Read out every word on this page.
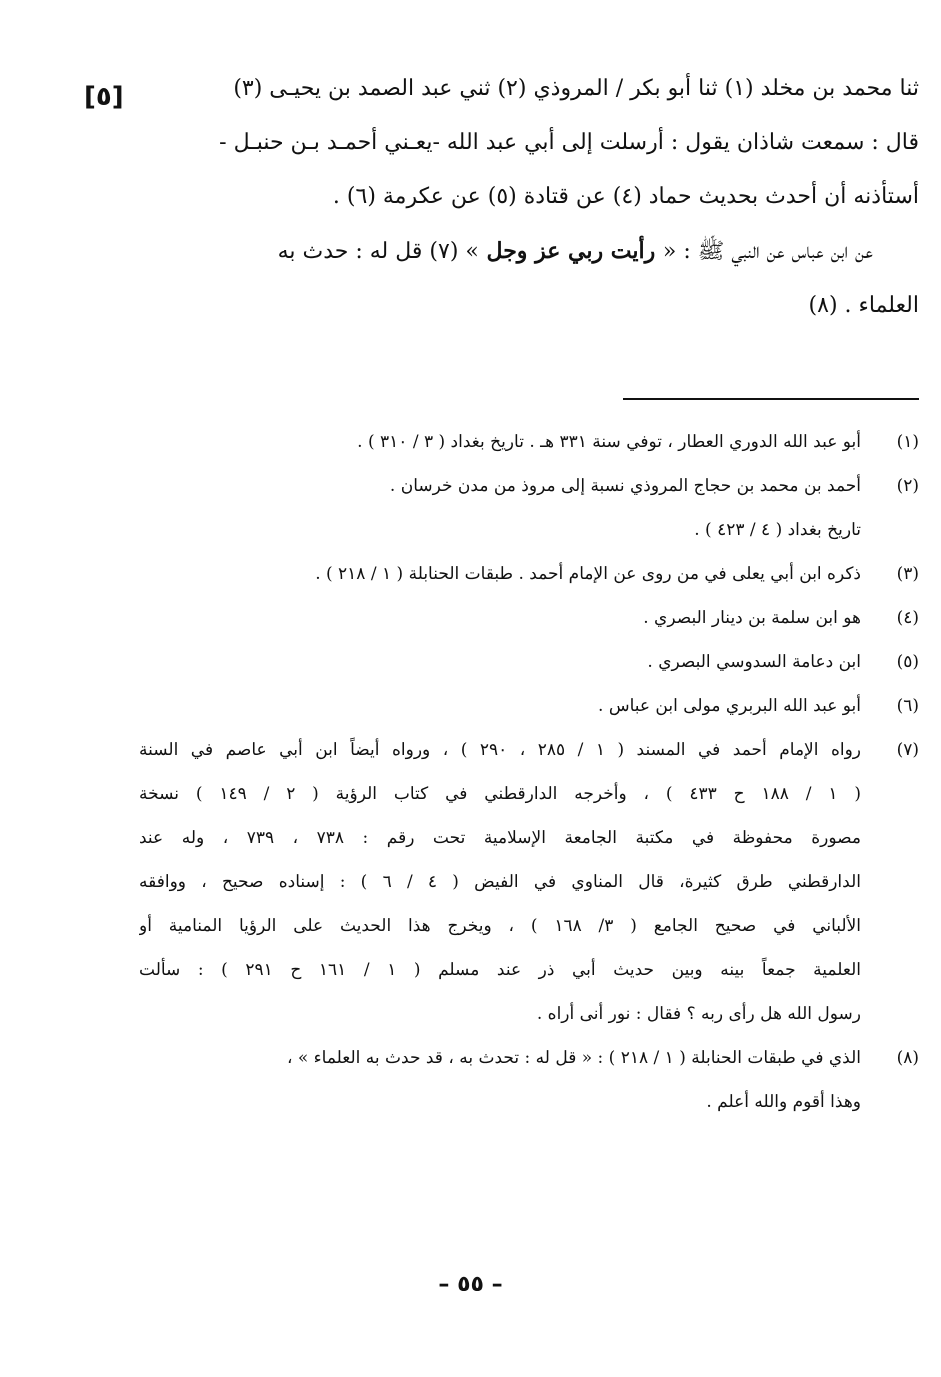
[٥]	ثنا محمد بن مخلد (١) ثنا أبو بكر / المروذي (٢) ثني عبد الصمد بن يحيـى (٣)
قال : سمعت شاذان يقول : أرسلت إلى أبي عبد الله -يعـني أحمـد بـن حنبـل -
أستأذنه أن أحدث بحديث حماد (٤) عن قتادة (٥) عن عكرمة (٦) .
عن ابن عباس عن النبي ﷺ : « رأيت ربي عز وجل » (٧) قل له : حدث به
العلماء . (٨)
(١)
أبو عبد الله الدوري العطار ، توفي سنة ٣٣١ هـ . تاريخ بغداد ( ٣ / ٣١٠ ) .
(٢)
أحمد بن محمد بن حجاج المروذي نسبة إلى مروذ من مدن خرسان .
تاريخ بغداد ( ٤ / ٤٢٣ ) .
(٣)
ذكره ابن أبي يعلى في من روى عن الإمام أحمد . طبقات الحنابلة ( ١ / ٢١٨ ) .
(٤)
هو ابن سلمة بن دينار البصري .
(٥)
ابن دعامة السدوسي البصري .
(٦)
أبو عبد الله البربري مولى ابن عباس .
(٧)
رواه الإمام أحمد في المسند ( ١ / ٢٨٥ ، ٢٩٠ ) ، ورواه أيضاً ابن أبي عاصم في السنة
( ١ / ١٨٨ ح ٤٣٣ ) ، وأخرجه الدارقطني في كتاب الرؤية ( ٢ / ١٤٩ ) نسخة
مصورة محفوظة في مكتبة الجامعة الإسلامية تحت رقم : ٧٣٨ ، ٧٣٩ ، وله عند
الدارقطني طرق كثيرة، قال المناوي في الفيض ( ٤ / ٦ ) : إسناده صحيح ، ووافقه
الألباني في صحيح الجامع ( ٣/ ١٦٨ ) ، ويخرج هذا الحديث على الرؤيا المنامية أو
العلمية جمعاً بينه وبين حديث أبي ذر عند مسلم ( ١ / ١٦١ ح ٢٩١ ) : سألت
رسول الله هل رأى ربه ؟ فقال : نور أنى أراه .
(٨)
الذي في طبقات الحنابلة ( ١ / ٢١٨ ) : « قل له : تحدث به ، قد حدث به العلماء » ،
وهذا أقوم والله أعلم .
– ٥٥ –
